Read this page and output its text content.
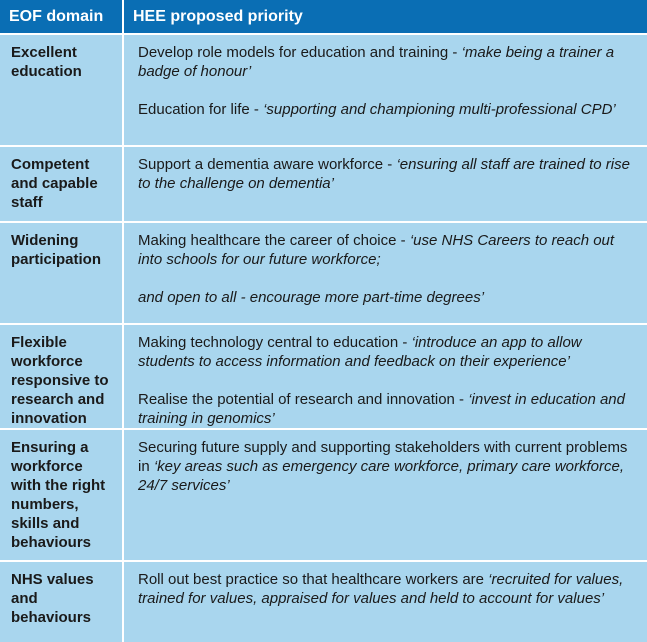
EOF domain	HEE proposed priority
Excellent education	Develop role models for education and training - ‘make being a trainer a badge of honour’

Education for life - ‘supporting and championing multi-professional CPD’

Competent and capable staff	Support a dementia aware workforce - ‘ensuring all staff are trained to rise to the challenge on dementia’

Widening participation	Making healthcare the career of choice - ‘use NHS Careers to reach out into schools for our future workforce;

and open to all - encourage more part-time degrees’

Flexible workforce responsive to research and innovation	Making technology central to education - ‘introduce an app to allow students to access information and feedback on their experience’

Realise the potential of research and innovation - ‘invest in education and training in genomics’

Ensuring a workforce with the right numbers, skills and behaviours	Securing future supply and supporting stakeholders with current problems in ‘key areas such as emergency care workforce, primary care workforce, 24/7 services’

NHS values and behaviours	Roll out best practice so that healthcare workers are ‘recruited for values, trained for values, appraised for values and held to account for values’
